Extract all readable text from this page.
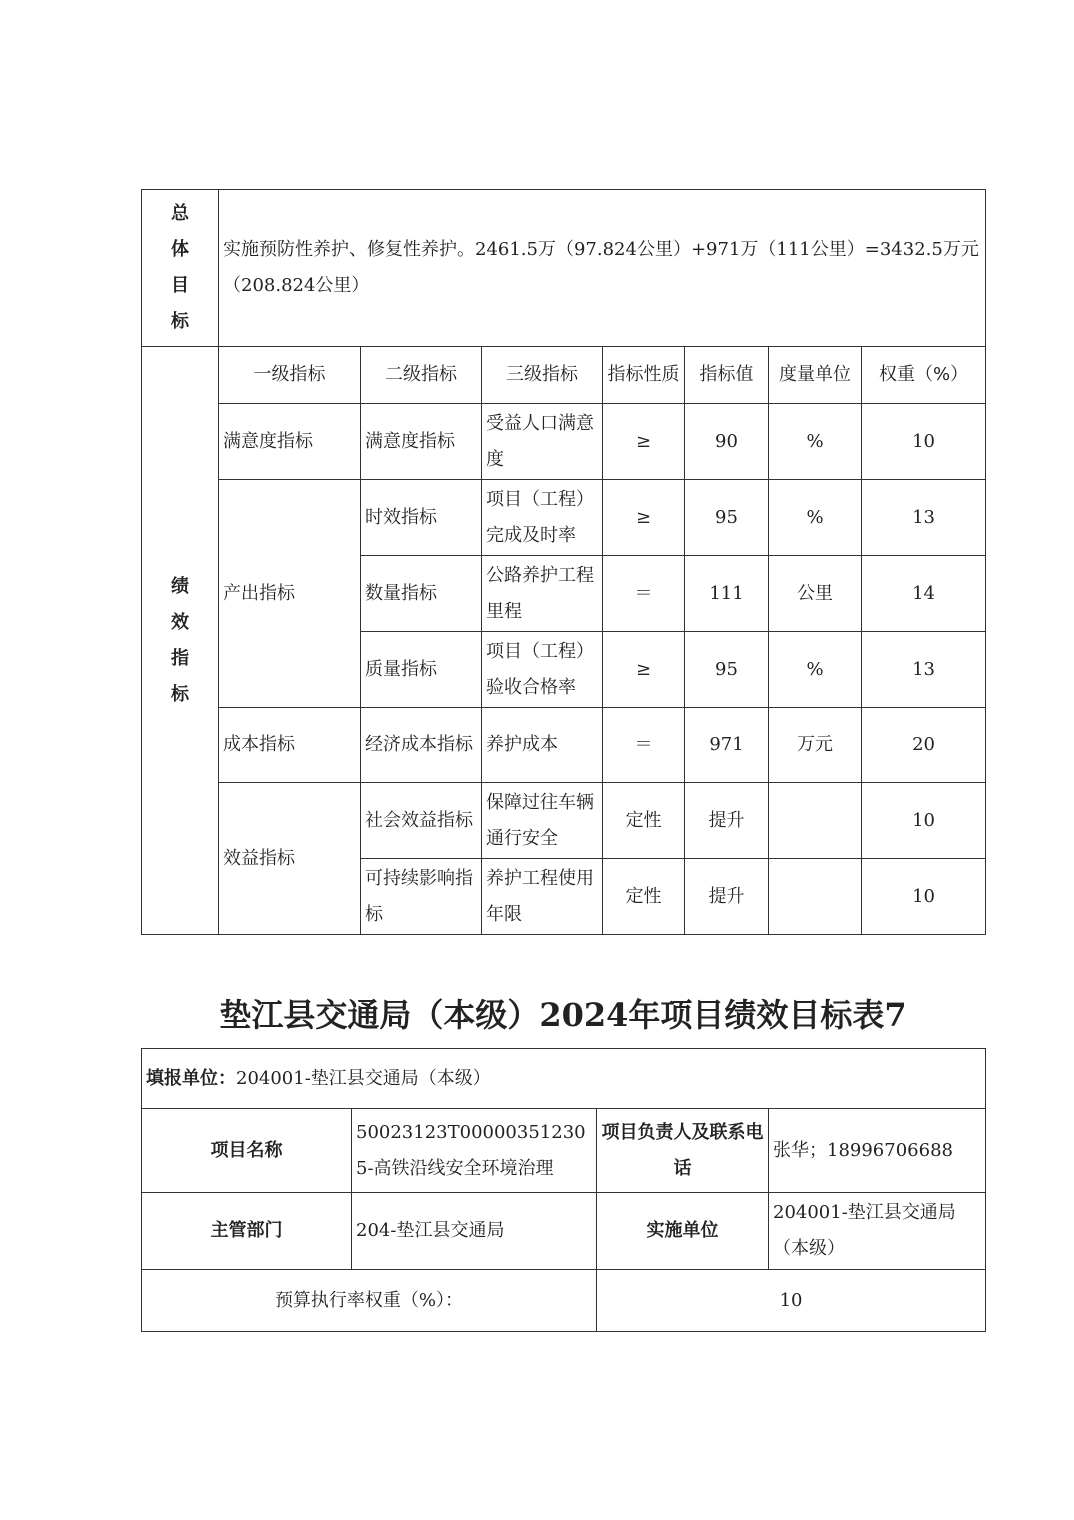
总
体
目
标	实施预防性养护、修复性养护。2461.5万（97.824公里）+971万（111公里）=3432.5万元（208.824公里）						

绩
效
指
标	一级指标	二级指标	三级指标	指标性质	指标值	度量单位	权重（%）
	满意度指标	满意度指标	受益人口满意度	≥	90	%	10
	产出指标	时效指标	项目（工程）完成及时率	≥	95	%	13
		数量指标	公路养护工程里程	＝	111	公里	14
		质量指标	项目（工程）验收合格率	≥	95	%	13
	成本指标	经济成本指标	养护成本	＝	971	万元	20
	效益指标	社会效益指标	保障过往车辆通行安全	定性	提升		10
		可持续影响指标	养护工程使用年限	定性	提升		10
垫江县交通局（本级）2024年项目绩效目标表7
填报单位：204001-垫江县交通局（本级）			
项目名称	50023123T000003512305-高铁沿线安全环境治理	项目负责人及联系电话	张华；18996706688
主管部门	204-垫江县交通局	实施单位	204001-垫江县交通局（本级）
预算执行率权重（%）：		10	
